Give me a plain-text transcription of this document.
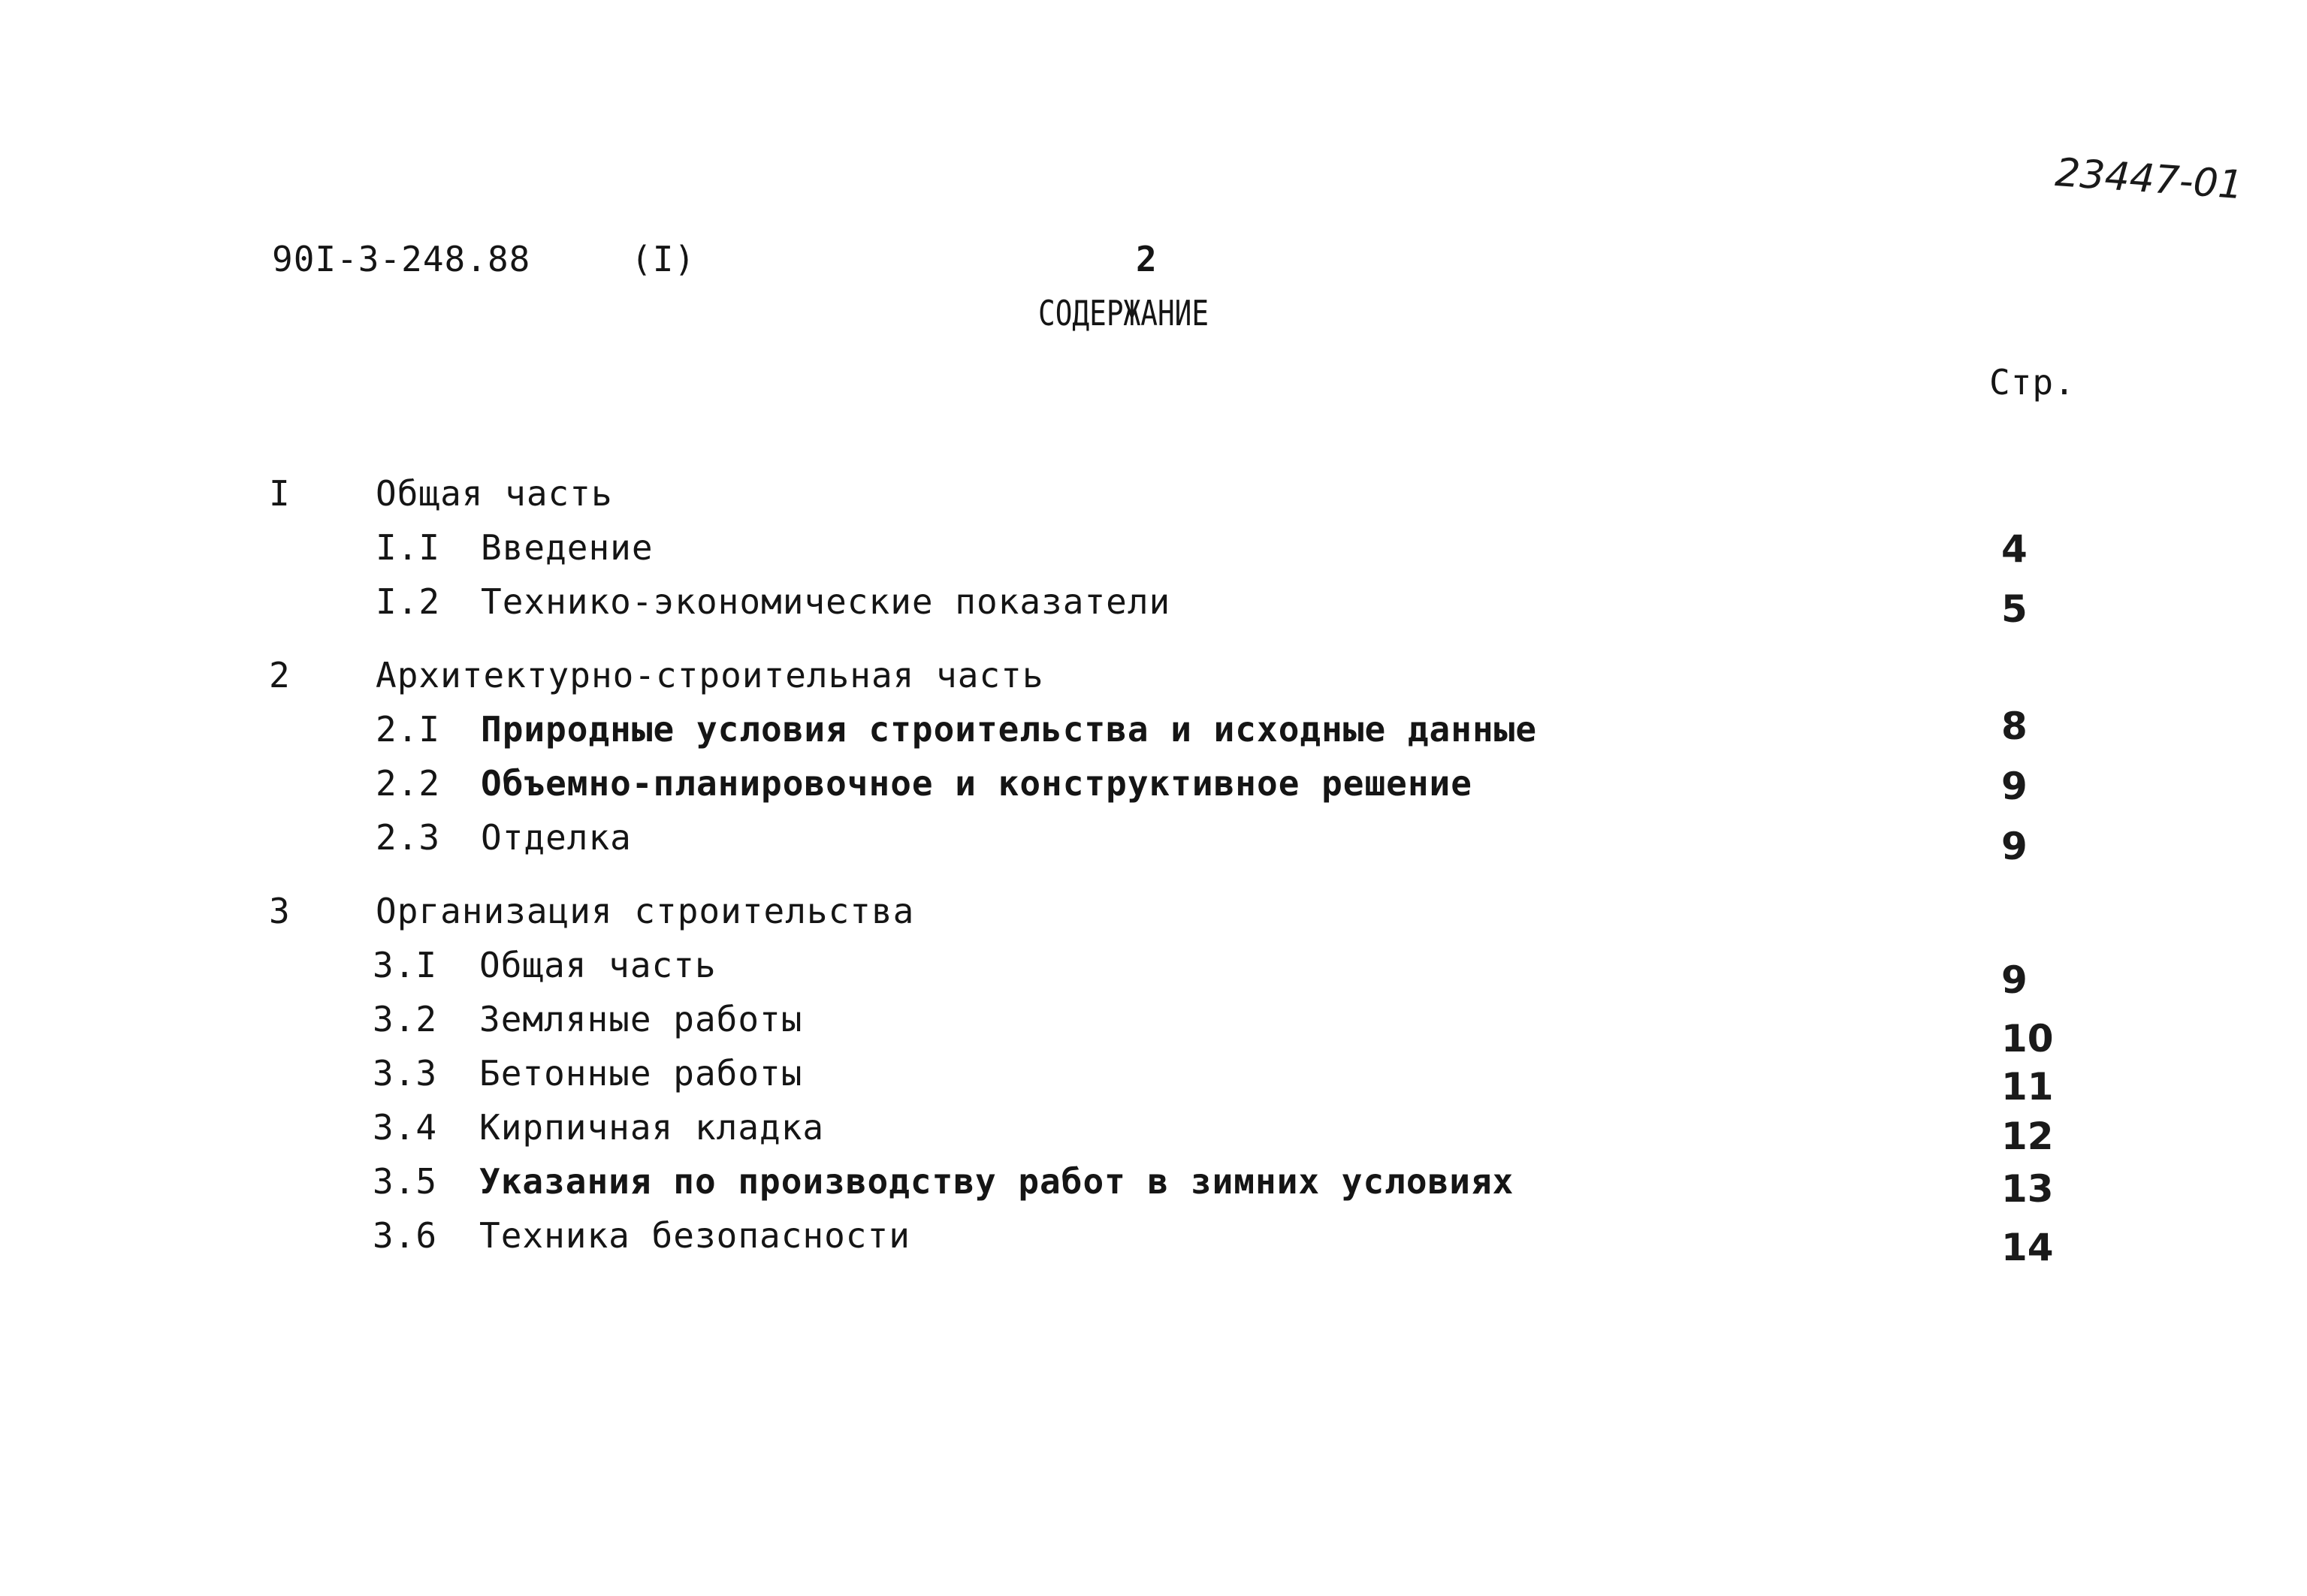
90I-3-248.88	(I)	2
СОДЕРЖАНИЕ
23447-01
Стр.
I Общая часть
I.I Введение	4
I.2 Технико-экономические показатели	5
2 Архитектурно-строительная часть
2.I Природные условия строительства и исходные данные	8
2.2 Объемно-планировочное и конструктивное решение	9
2.3 Отделка	9
3 Организация строительства
3.I Общая часть	9
3.2 Земляные работы	10
3.3 Бетонные работы	11
3.4 Кирпичная кладка	12
3.5 Указания по производству работ в зимних условиях	13
3.6 Техника безопасности	14
